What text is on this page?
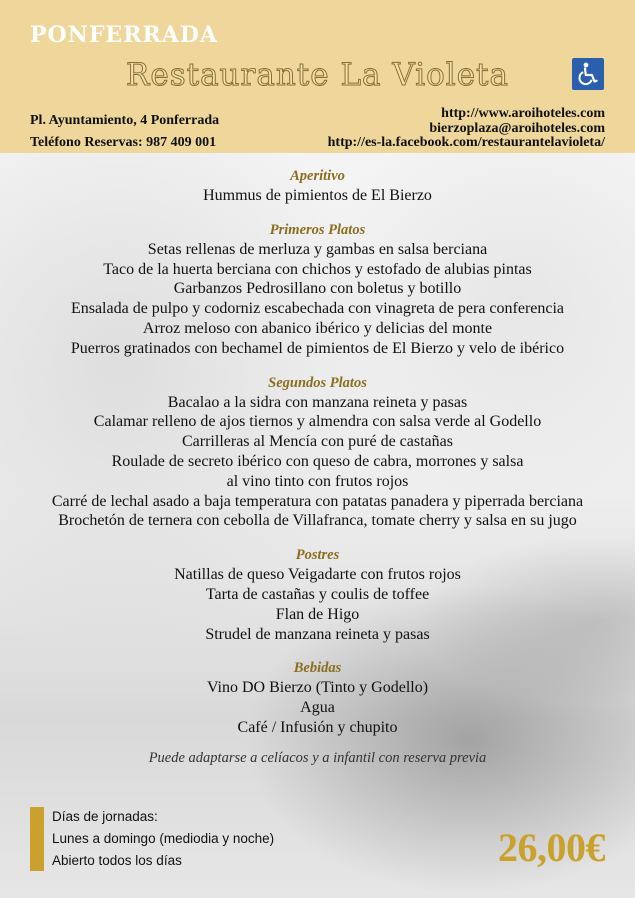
PONFERRADA
Restaurante La Violeta
Pl. Ayuntamiento, 4 Ponferrada
Teléfono Reservas: 987 409 001
http://www.aroihoteles.com
bierzoplaza@aroihoteles.com
http://es-la.facebook.com/restaurantelavioleta/
Aperitivo
Hummus de pimientos de El Bierzo
Primeros Platos
Setas rellenas de merluza y gambas en salsa berciana
Taco de la huerta berciana con chichos y estofado de alubias pintas
Garbanzos Pedrosillano con boletus y botillo
Ensalada de pulpo y codorniz escabechada con vinagreta de pera conferencia
Arroz meloso con abanico ibérico y delicias del monte
Puerros gratinados con bechamel de pimientos de El Bierzo y velo de ibérico
Segundos Platos
Bacalao a la sidra con manzana reineta y pasas
Calamar relleno de ajos tiernos y almendra con salsa verde al Godello
Carrilleras al Mencía con puré de castañas
Roulade de secreto ibérico con queso de cabra, morrones y salsa
al vino tinto con frutos rojos
Carré de lechal asado a baja temperatura con patatas panadera y piperrada berciana
Brochetón de ternera con cebolla de Villafranca, tomate cherry y salsa en su jugo
Postres
Natillas de queso Veigadarte con frutos rojos
Tarta de castañas y coulis de toffee
Flan de Higo
Strudel de manzana reineta y pasas
Bebidas
Vino DO Bierzo (Tinto y Godello)
Agua
Café / Infusión y chupito
Puede adaptarse a celíacos y a infantil con reserva previa
Días de jornadas:
Lunes a domingo (mediodia y noche)
Abierto todos los días	26,00€
